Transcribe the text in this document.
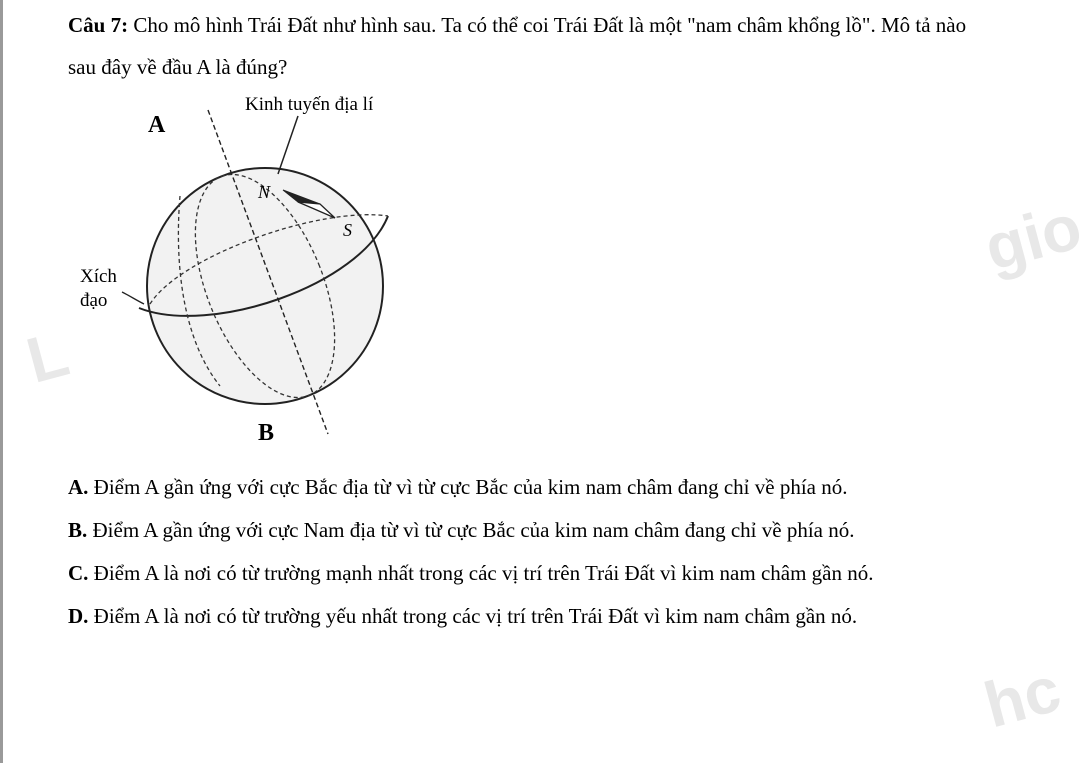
gio
L
hc

Câu 7: Cho mô hình Trái Đất như hình sau. Ta có thể coi Trái Đất là một "nam châm khổng lồ". Mô tả nào sau đây về đầu A là đúng?

Kinh tuyến địa lí
A
B
Xích
đạo
N
S
A. Điểm A gần ứng với cực Bắc địa từ vì từ cực Bắc của kim nam châm đang chỉ về phía nó.
B. Điểm A gần ứng với cực Nam địa từ vì từ cực Bắc của kim nam châm đang chỉ về phía nó.
C. Điểm A là nơi có từ trường mạnh nhất trong các vị trí trên Trái Đất vì kim nam châm gần nó.
D. Điểm A là nơi có từ trường yếu nhất trong các vị trí trên Trái Đất vì kim nam châm gần nó.
